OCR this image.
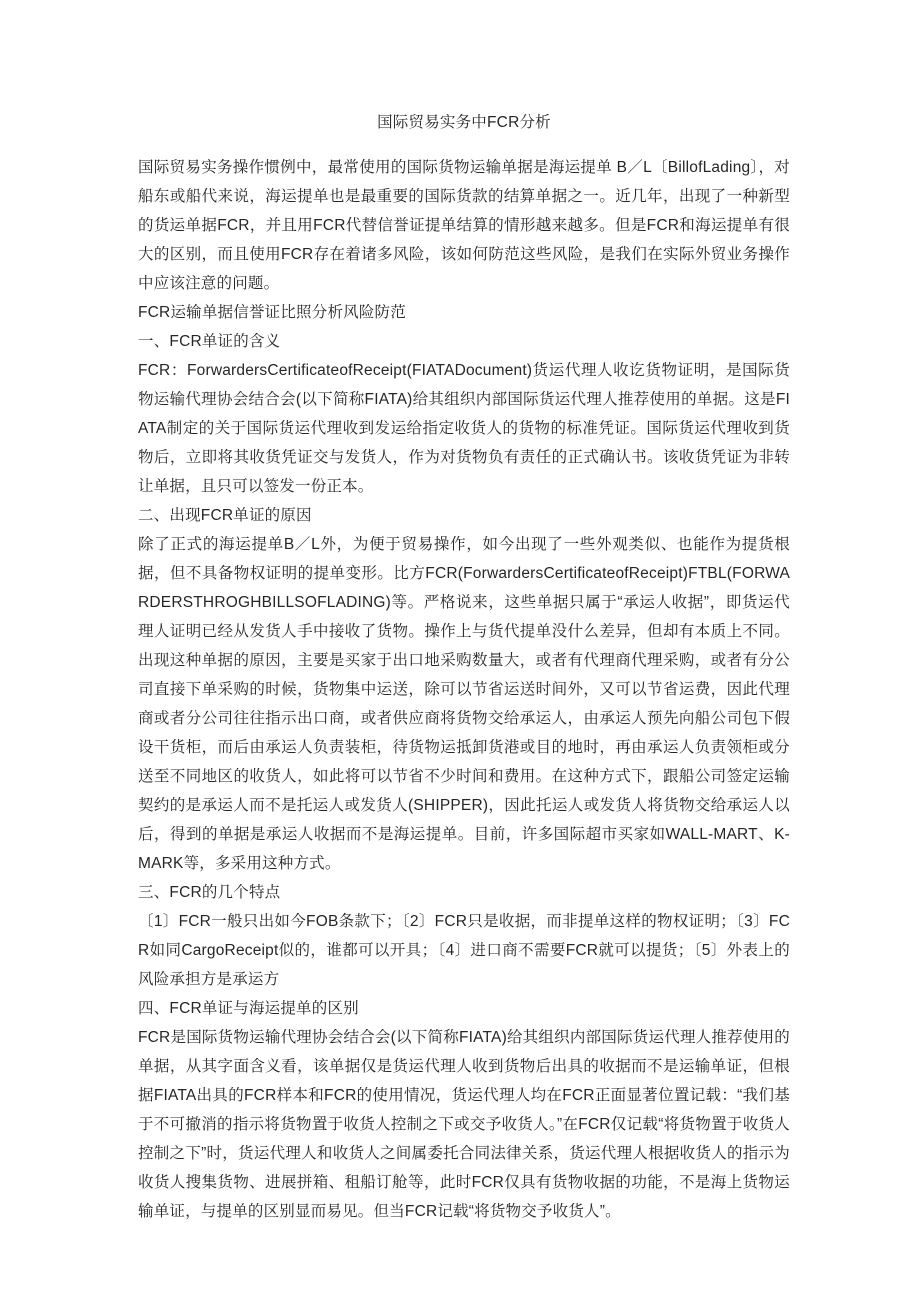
国际贸易实务中FCR分析

国际贸易实务操作惯例中，最常使用的国际货物运输单据是海运提单 B／L〔BillofLading〕，对船东或船代来说，海运提单也是最重要的国际货款的结算单据之一。近几年，出现了一种新型的货运单据FCR，并且用FCR代替信誉证提单结算的情形越来越多。但是FCR和海运提单有很大的区别，而且使用FCR存在着诸多风险，该如何防范这些风险，是我们在实际外贸业务操作中应该注意的问题。

FCR运输单据信誉证比照分析风险防范

一、FCR单证的含义

FCR：ForwardersCertificateofReceipt(FIATADocument)货运代理人收讫货物证明，是国际货物运输代理协会结合会(以下简称FIATA)给其组织内部国际货运代理人推荐使用的单据。这是FIATA制定的关于国际货运代理收到发运给指定收货人的货物的标准凭证。国际货运代理收到货物后，立即将其收货凭证交与发货人，作为对货物负有责任的正式确认书。该收货凭证为非转让单据，且只可以签发一份正本。

二、出现FCR单证的原因

除了正式的海运提单B／L外，为便于贸易操作，如今出现了一些外观类似、也能作为提货根据，但不具备物权证明的提单变形。比方FCR(ForwardersCertificateofReceipt)FTBL(FORWARDERSTHROGHBILLSOFLADING)等。严格说来，这些单据只属于“承运人收据”，即货运代理人证明已经从发货人手中接收了货物。操作上与货代提单没什么差异，但却有本质上不同。出现这种单据的原因，主要是买家于出口地采购数量大，或者有代理商代理采购，或者有分公司直接下单采购的时候，货物集中运送，除可以节省运送时间外，又可以节省运费，因此代理商或者分公司往往指示出口商，或者供应商将货物交给承运人，由承运人预先向船公司包下假设干货柜，而后由承运人负责装柜，待货物运抵卸货港或目的地时，再由承运人负责领柜或分送至不同地区的收货人，如此将可以节省不少时间和费用。在这种方式下，跟船公司签定运输契约的是承运人而不是托运人或发货人(SHIPPER)，因此托运人或发货人将货物交给承运人以后，得到的单据是承运人收据而不是海运提单。目前，许多国际超市买家如WALL-MART、K-MARK等，多采用这种方式。

三、FCR的几个特点

〔1〕FCR一般只出如今FOB条款下；〔2〕FCR只是收据，而非提单这样的物权证明；〔3〕FCR如同CargoReceipt似的，谁都可以开具；〔4〕进口商不需要FCR就可以提货；〔5〕外表上的风险承担方是承运方

四、FCR单证与海运提单的区别

FCR是国际货物运输代理协会结合会(以下简称FIATA)给其组织内部国际货运代理人推荐使用的单据，从其字面含义看，该单据仅是货运代理人收到货物后出具的收据而不是运输单证，但根据FIATA出具的FCR样本和FCR的使用情况，货运代理人均在FCR正面显著位置记载：“我们基于不可撤消的指示将货物置于收货人控制之下或交予收货人。”在FCR仅记载“将货物置于收货人控制之下”时，货运代理人和收货人之间属委托合同法律关系，货运代理人根据收货人的指示为收货人搜集货物、进展拼箱、租船订舱等，此时FCR仅具有货物收据的功能，不是海上货物运输单证，与提单的区别显而易见。但当FCR记载“将货物交予收货人”。
